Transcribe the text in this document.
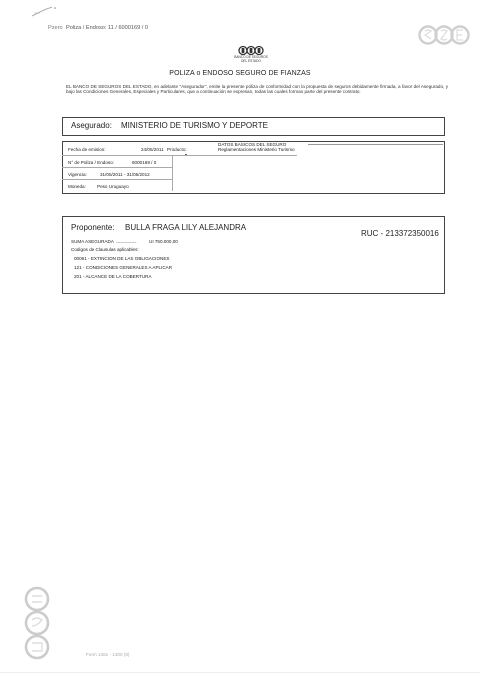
Pzero Poliza / Endoso: 11 / 6000169 / 0
BANCO DE SEGUROS
DEL ESTADO
POLIZA o ENDOSO SEGURO DE FIANZAS
EL BANCO DE SEGUROS DEL ESTADO, en adelante "Asegurador", emite la presente póliza de conformidad con la propuesta de seguros debidamente firmada, a favor del Asegurado, y bajo las Condiciones Generales, Especiales y Particulares, que a continuación se expresan, todas las cuales forman parte del presente contrato.
Asegurado: MINISTERIO DE TURISMO Y DEPORTE
DATOS BASICOS DEL SEGURO
Fecha de emision:	24/05/2011 Producto:	Reglamentaciones Ministerio Turismo
N° de Poliza / Endoso:	6000169 / 0
Vigencia:	31/05/2011 - 31/05/2012
Moneda: Peso Uruguayo
Proponente: BULLA FRAGA LILY ALEJANDRA
RUC - 213372350016
SUMA ASEGURADA ..........................	UI 750.000,00
Codigos de Clausulas aplicables:
00061 - EXTINCION DE LAS OBLIGACIONES
121 - CONDICIONES GENERALES A APLICAR
201 - ALCANCE DE LA COBERTURA
Form 1381 - 1300 (8)
